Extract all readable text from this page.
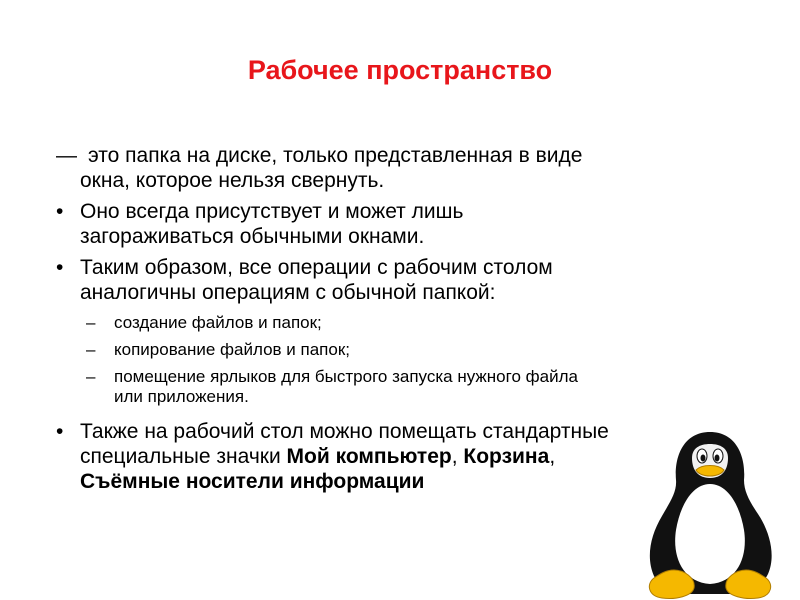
Рабочее пространство
— это папка на диске, только представленная в виде
окна, которое нельзя свернуть.
• Оно всегда присутствует и может лишь
загораживаться обычными окнами.
• Таким образом, все операции с рабочим столом
аналогичны операциям с обычной папкой:
– создание файлов и папок;
– копирование файлов и папок;
– помещение ярлыков для быстрого запуска нужного файла
или приложения.
• Также на рабочий стол можно помещать стандартные
специальные значки Мой компьютер, Корзина,
Съёмные носители информации
